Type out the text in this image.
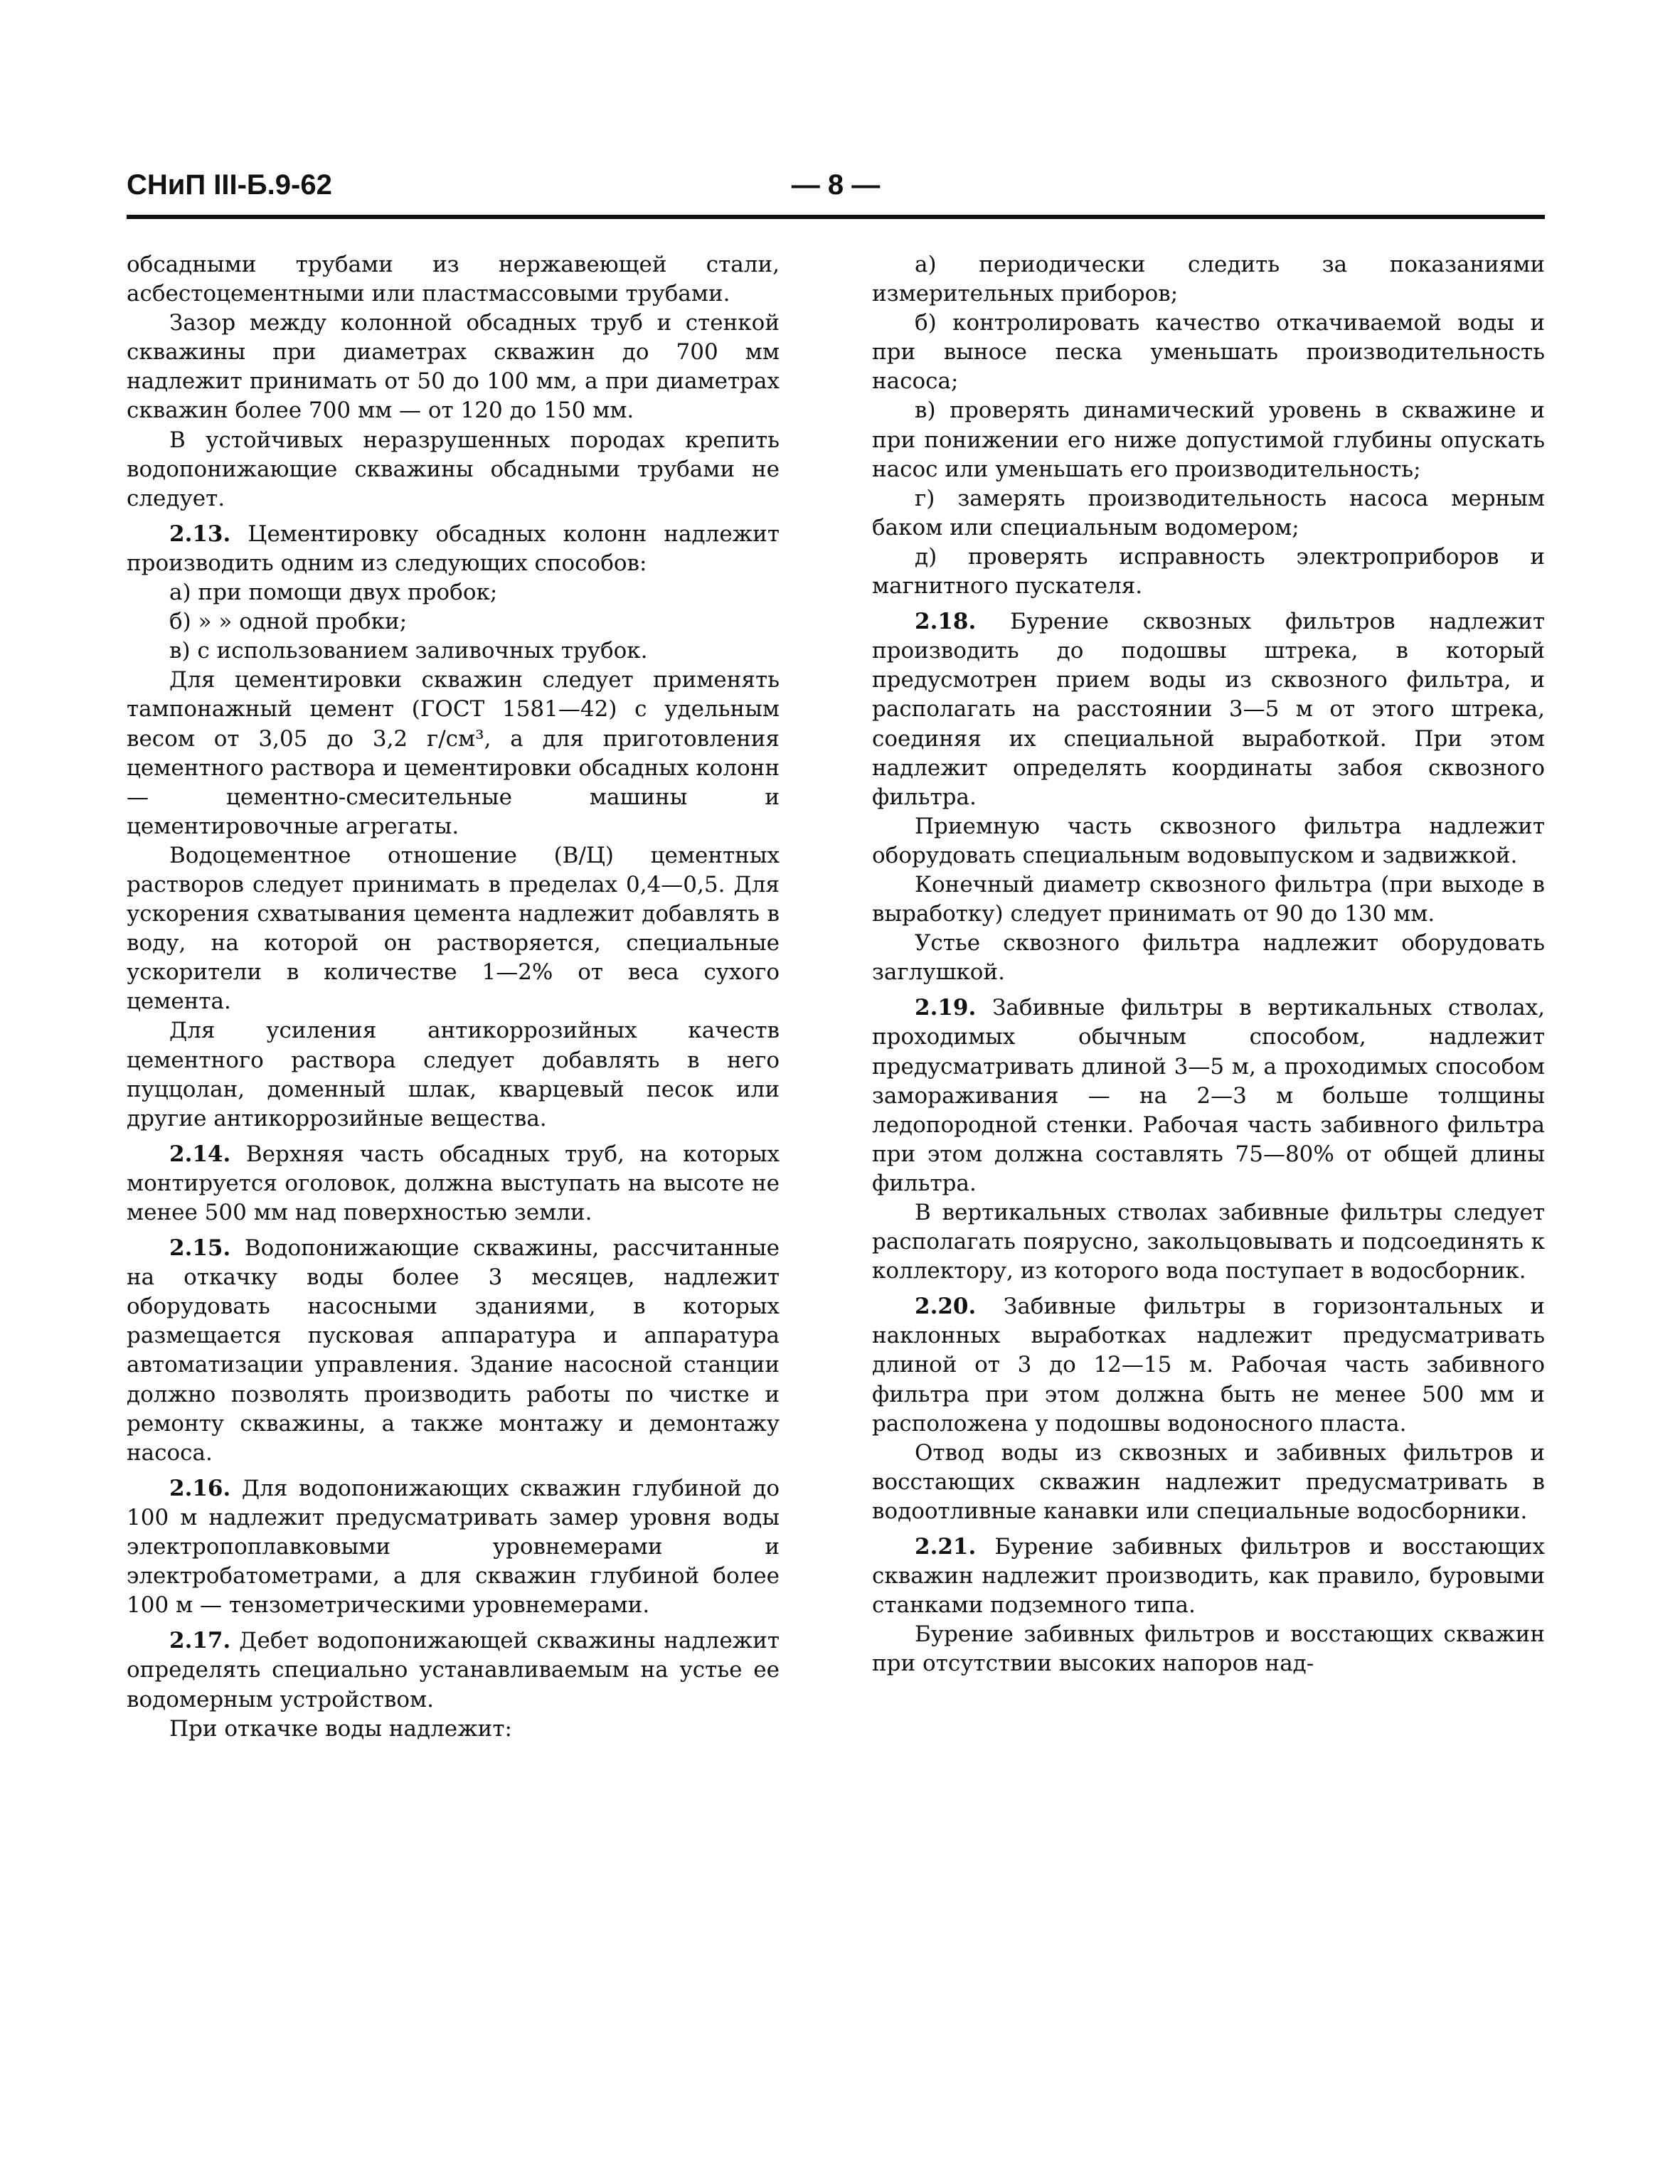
СНиП III-Б.9-62	— 8 —

обсадными трубами из нержавеющей стали, асбестоцементными или пластмассовыми трубами.

Зазор между колонной обсадных труб и стенкой скважины при диаметрах скважин до 700 мм надлежит принимать от 50 до 100 мм, а при диаметрах скважин более 700 мм — от 120 до 150 мм.

В устойчивых неразрушенных породах крепить водопонижающие скважины обсадными трубами не следует.

2.13. Цементировку обсадных колонн надлежит производить одним из следующих способов:

а) при помощи двух пробок;

б) » » одной пробки;

в) с использованием заливочных трубок.

Для цементировки скважин следует применять тампонажный цемент (ГОСТ 1581—42) с удельным весом от 3,05 до 3,2 г/см³, а для приготовления цементного раствора и цементировки обсадных колонн — цементно-смесительные машины и цементировочные агрегаты.

Водоцементное отношение (В/Ц) цементных растворов следует принимать в пределах 0,4—0,5. Для ускорения схватывания цемента надлежит добавлять в воду, на которой он растворяется, специальные ускорители в количестве 1—2% от веса сухого цемента.

Для усиления антикоррозийных качеств цементного раствора следует добавлять в него пуццолан, доменный шлак, кварцевый песок или другие антикоррозийные вещества.

2.14. Верхняя часть обсадных труб, на которых монтируется оголовок, должна выступать на высоте не менее 500 мм над поверхностью земли.

2.15. Водопонижающие скважины, рассчитанные на откачку воды более 3 месяцев, надлежит оборудовать насосными зданиями, в которых размещается пусковая аппаратура и аппаратура автоматизации управления. Здание насосной станции должно позволять производить работы по чистке и ремонту скважины, а также монтажу и демонтажу насоса.

2.16. Для водопонижающих скважин глубиной до 100 м надлежит предусматривать замер уровня воды электропоплавковыми уровнемерами и электробатометрами, а для скважин глубиной более 100 м — тензометрическими уровнемерами.

2.17. Дебет водопонижающей скважины надлежит определять специально устанавливаемым на устье ее водомерным устройством.

При откачке воды надлежит:

а) периодически следить за показаниями измерительных приборов;

б) контролировать качество откачиваемой воды и при выносе песка уменьшать производительность насоса;

в) проверять динамический уровень в скважине и при понижении его ниже допустимой глубины опускать насос или уменьшать его производительность;

г) замерять производительность насоса мерным баком или специальным водомером;

д) проверять исправность электроприборов и магнитного пускателя.

2.18. Бурение сквозных фильтров надлежит производить до подошвы штрека, в который предусмотрен прием воды из сквозного фильтра, и располагать на расстоянии 3—5 м от этого штрека, соединяя их специальной выработкой. При этом надлежит определять координаты забоя сквозного фильтра.

Приемную часть сквозного фильтра надлежит оборудовать специальным водовыпуском и задвижкой.

Конечный диаметр сквозного фильтра (при выходе в выработку) следует принимать от 90 до 130 мм.

Устье сквозного фильтра надлежит оборудовать заглушкой.

2.19. Забивные фильтры в вертикальных стволах, проходимых обычным способом, надлежит предусматривать длиной 3—5 м, а проходимых способом замораживания — на 2—3 м больше толщины ледопородной стенки. Рабочая часть забивного фильтра при этом должна составлять 75—80% от общей длины фильтра.

В вертикальных стволах забивные фильтры следует располагать поярусно, закольцовывать и подсоединять к коллектору, из которого вода поступает в водосборник.

2.20. Забивные фильтры в горизонтальных и наклонных выработках надлежит предусматривать длиной от 3 до 12—15 м. Рабочая часть забивного фильтра при этом должна быть не менее 500 мм и расположена у подошвы водоносного пласта.

Отвод воды из сквозных и забивных фильтров и восстающих скважин надлежит предусматривать в водоотливные канавки или специальные водосборники.

2.21. Бурение забивных фильтров и восстающих скважин надлежит производить, как правило, буровыми станками подземного типа.

Бурение забивных фильтров и восстающих скважин при отсутствии высоких напоров над-
